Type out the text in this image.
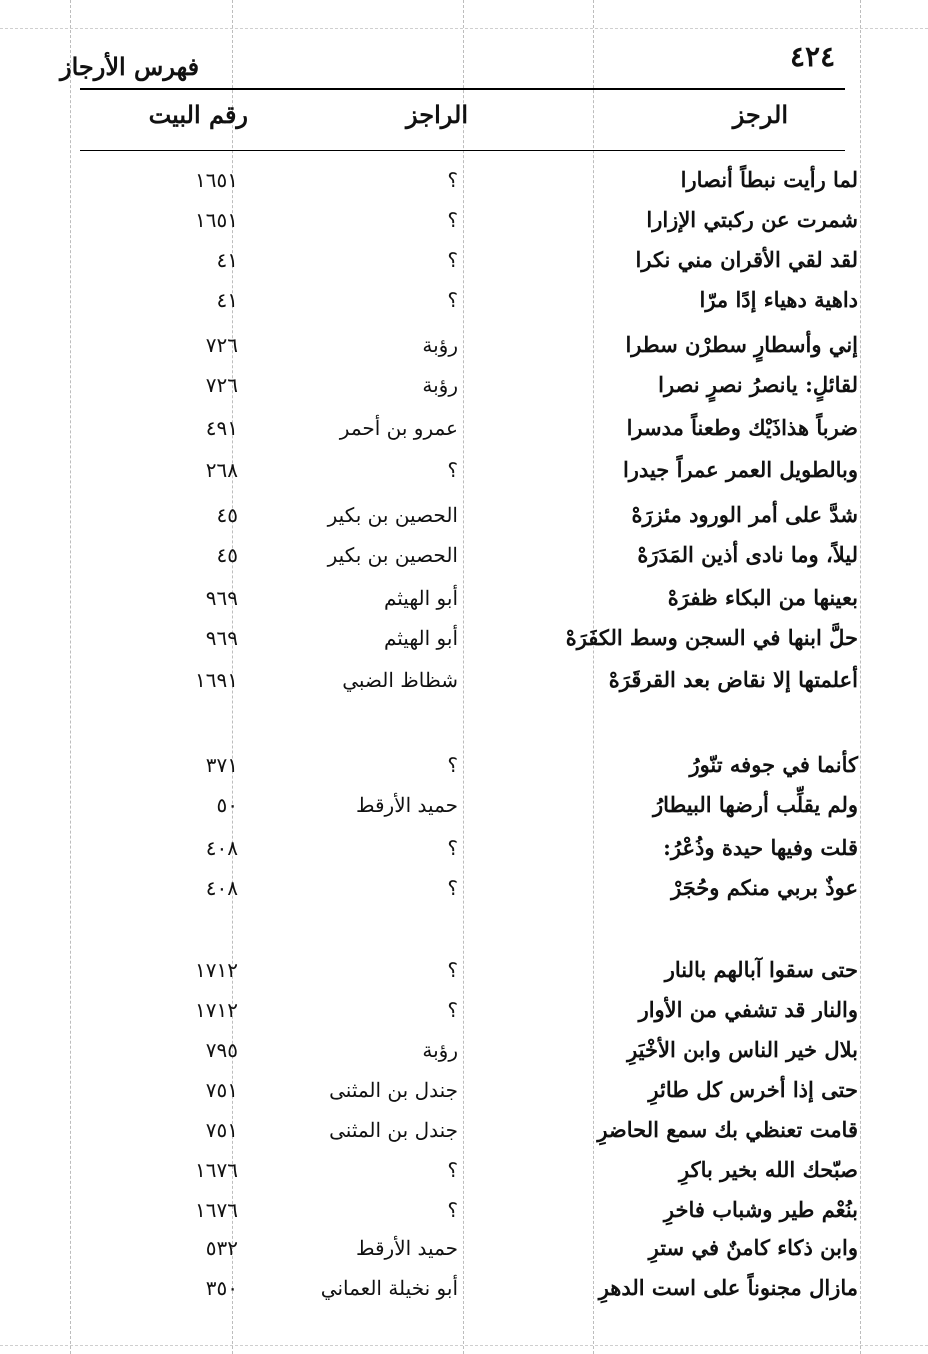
٤٢٤
فهرس الأرجاز
الرجز
الراجز
رقم البيت
لما رأيت نبطاً أنصارا
؟
١٦٥١
شمرت عن ركبتي الإزارا
؟
١٦٥١
لقد لقي الأقران مني نكرا
؟
٤١
داهية دهياء إدًا مرّا
؟
٤١
إني وأسطارٍ سطرْن سطرا
رؤبة
٧٢٦
لقائلٍ: يانصرُ نصرٍ نصرا
رؤبة
٧٢٦
ضرباً هذاذَيْك وطعناً مدسرا
عمرو بن أحمر
٤٩١
وبالطويل العمر عمراً جيدرا
؟
٢٦٨
شدَّ على أمر الورود مئزرَهْ
الحصين بن بكير
٤٥
ليلاً، وما نادى أذين المَدَرَهْ
الحصين بن بكير
٤٥
بعينها من البكاء ظفرَهْ
أبو الهيثم
٩٦٩
حلَّ ابنها في السجن وسط الكفَرَهْ
أبو الهيثم
٩٦٩
أعلمتها إلا نقاض بعد القرقَرَهْ
شظاظ الضبي
١٦٩١
كأنما في جوفه تنّورُ
؟
٣٧١
ولم يقلِّب أرضها البيطارُ
حميد الأرقط
٥٠
قلت وفيها حيدة وذُعْرُ:
؟
٤٠٨
عوذٌ بربي منكم وحُجَرْ
؟
٤٠٨
حتى سقوا آبالهم بالنار
؟
١٧١٢
والنار قد تشفي من الأوار
؟
١٧١٢
بلال خير الناس وابن الأخْيَرِ
رؤبة
٧٩٥
حتى إذا أخرس كل طائرِ
جندل بن المثنى
٧٥١
قامت تعنظي بك سمع الحاضرِ
جندل بن المثنى
٧٥١
صبّحك الله بخير باكرِ
؟
١٦٧٦
بنُعْم طير وشباب فاخرِ
؟
١٦٧٦
وابن ذكاء كامنٌ في سترِ
حميد الأرقط
٥٣٢
مازال مجنوناً على است الدهرِ
أبو نخيلة العماني
٣٥٠
